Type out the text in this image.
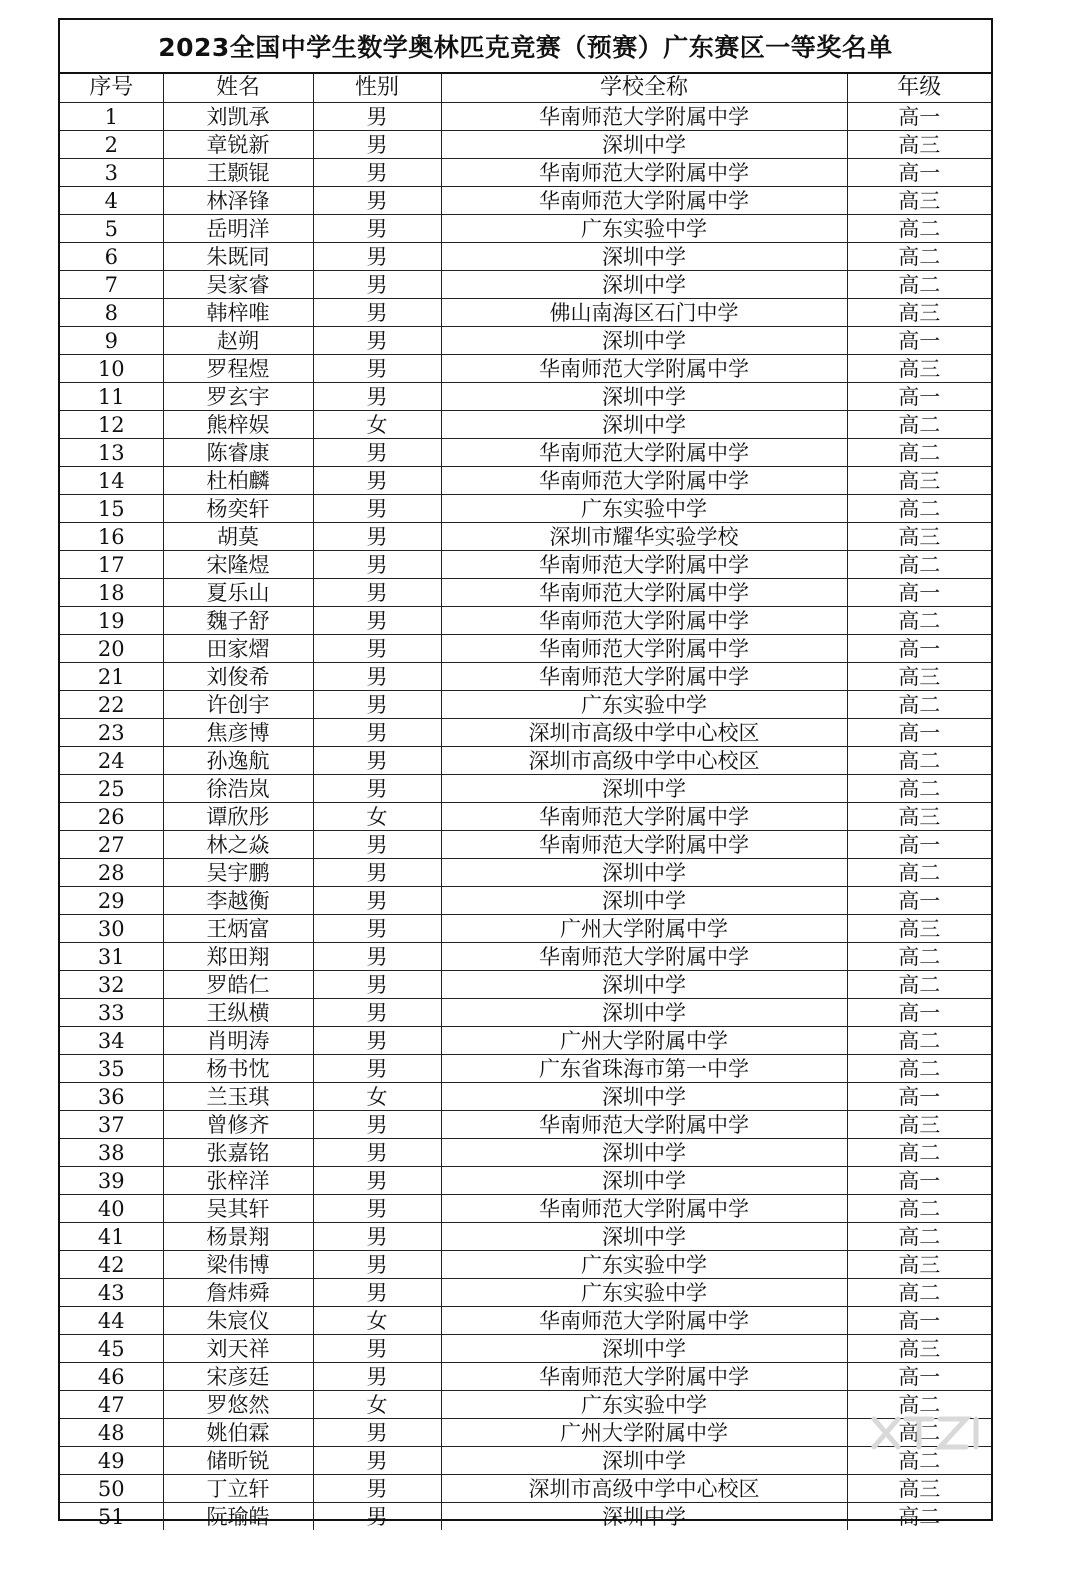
2023全国中学生数学奥林匹克竞赛（预赛）广东赛区一等奖名单
序号	姓名	性别	学校全称	年级
1	刘凯承	男	华南师范大学附属中学	高一
2	章锐新	男	深圳中学	高三
3	王颢锟	男	华南师范大学附属中学	高一
4	林泽锋	男	华南师范大学附属中学	高三
5	岳明洋	男	广东实验中学	高二
6	朱既同	男	深圳中学	高二
7	吴家睿	男	深圳中学	高二
8	韩梓唯	男	佛山南海区石门中学	高三
9	赵朔	男	深圳中学	高一
10	罗程煜	男	华南师范大学附属中学	高三
11	罗玄宇	男	深圳中学	高一
12	熊梓娱	女	深圳中学	高二
13	陈睿康	男	华南师范大学附属中学	高二
14	杜柏麟	男	华南师范大学附属中学	高三
15	杨奕轩	男	广东实验中学	高二
16	胡莫	男	深圳市耀华实验学校	高三
17	宋隆煜	男	华南师范大学附属中学	高二
18	夏乐山	男	华南师范大学附属中学	高一
19	魏子舒	男	华南师范大学附属中学	高二
20	田家熠	男	华南师范大学附属中学	高一
21	刘俊希	男	华南师范大学附属中学	高三
22	许创宇	男	广东实验中学	高二
23	焦彦博	男	深圳市高级中学中心校区	高一
24	孙逸航	男	深圳市高级中学中心校区	高二
25	徐浩岚	男	深圳中学	高二
26	谭欣彤	女	华南师范大学附属中学	高三
27	林之焱	男	华南师范大学附属中学	高一
28	吴宇鹏	男	深圳中学	高二
29	李越衡	男	深圳中学	高一
30	王炳富	男	广州大学附属中学	高三
31	郑田翔	男	华南师范大学附属中学	高二
32	罗皓仁	男	深圳中学	高二
33	王纵横	男	深圳中学	高一
34	肖明涛	男	广州大学附属中学	高二
35	杨书忱	男	广东省珠海市第一中学	高二
36	兰玉琪	女	深圳中学	高一
37	曾修齐	男	华南师范大学附属中学	高三
38	张嘉铭	男	深圳中学	高二
39	张梓洋	男	深圳中学	高一
40	吴其轩	男	华南师范大学附属中学	高二
41	杨景翔	男	深圳中学	高二
42	梁伟博	男	广东实验中学	高三
43	詹炜舜	男	广东实验中学	高二
44	朱宸仪	女	华南师范大学附属中学	高一
45	刘天祥	男	深圳中学	高三
46	宋彦廷	男	华南师范大学附属中学	高一
47	罗悠然	女	广东实验中学	高二
48	姚伯霖	男	广州大学附属中学	高二
49	储昕锐	男	深圳中学	高二
50	丁立轩	男	深圳市高级中学中心校区	高三
51	阮瑜皓	男	深圳中学	高二
